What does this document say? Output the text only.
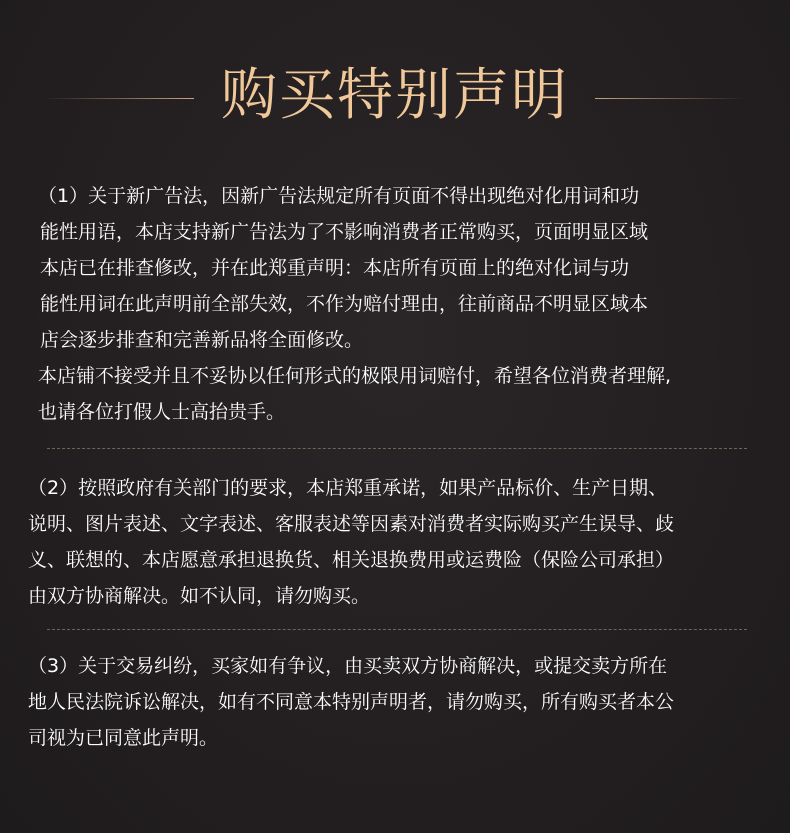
购买特别声明
（1）关于新广告法，因新广告法规定所有页面不得出现绝对化用词和功
能性用语，本店支持新广告法为了不影响消费者正常购买，页面明显区域
本店已在排查修改，并在此郑重声明：本店所有页面上的绝对化词与功
能性用词在此声明前全部失效，不作为赔付理由，往前商品不明显区域本
店会逐步排查和完善新品将全面修改。
本店铺不接受并且不妥协以任何形式的极限用词赔付，希望各位消费者理解,
也请各位打假人士高抬贵手。
（2）按照政府有关部门的要求，本店郑重承诺，如果产品标价、生产日期、
说明、图片表述、文字表述、客服表述等因素对消费者实际购买产生误导、歧
义、联想的、本店愿意承担退换货、相关退换费用或运费险（保险公司承担）
由双方协商解决。如不认同，请勿购买。
（3）关于交易纠纷，买家如有争议，由买卖双方协商解决，或提交卖方所在
地人民法院诉讼解决，如有不同意本特别声明者，请勿购买，所有购买者本公
司视为已同意此声明。
